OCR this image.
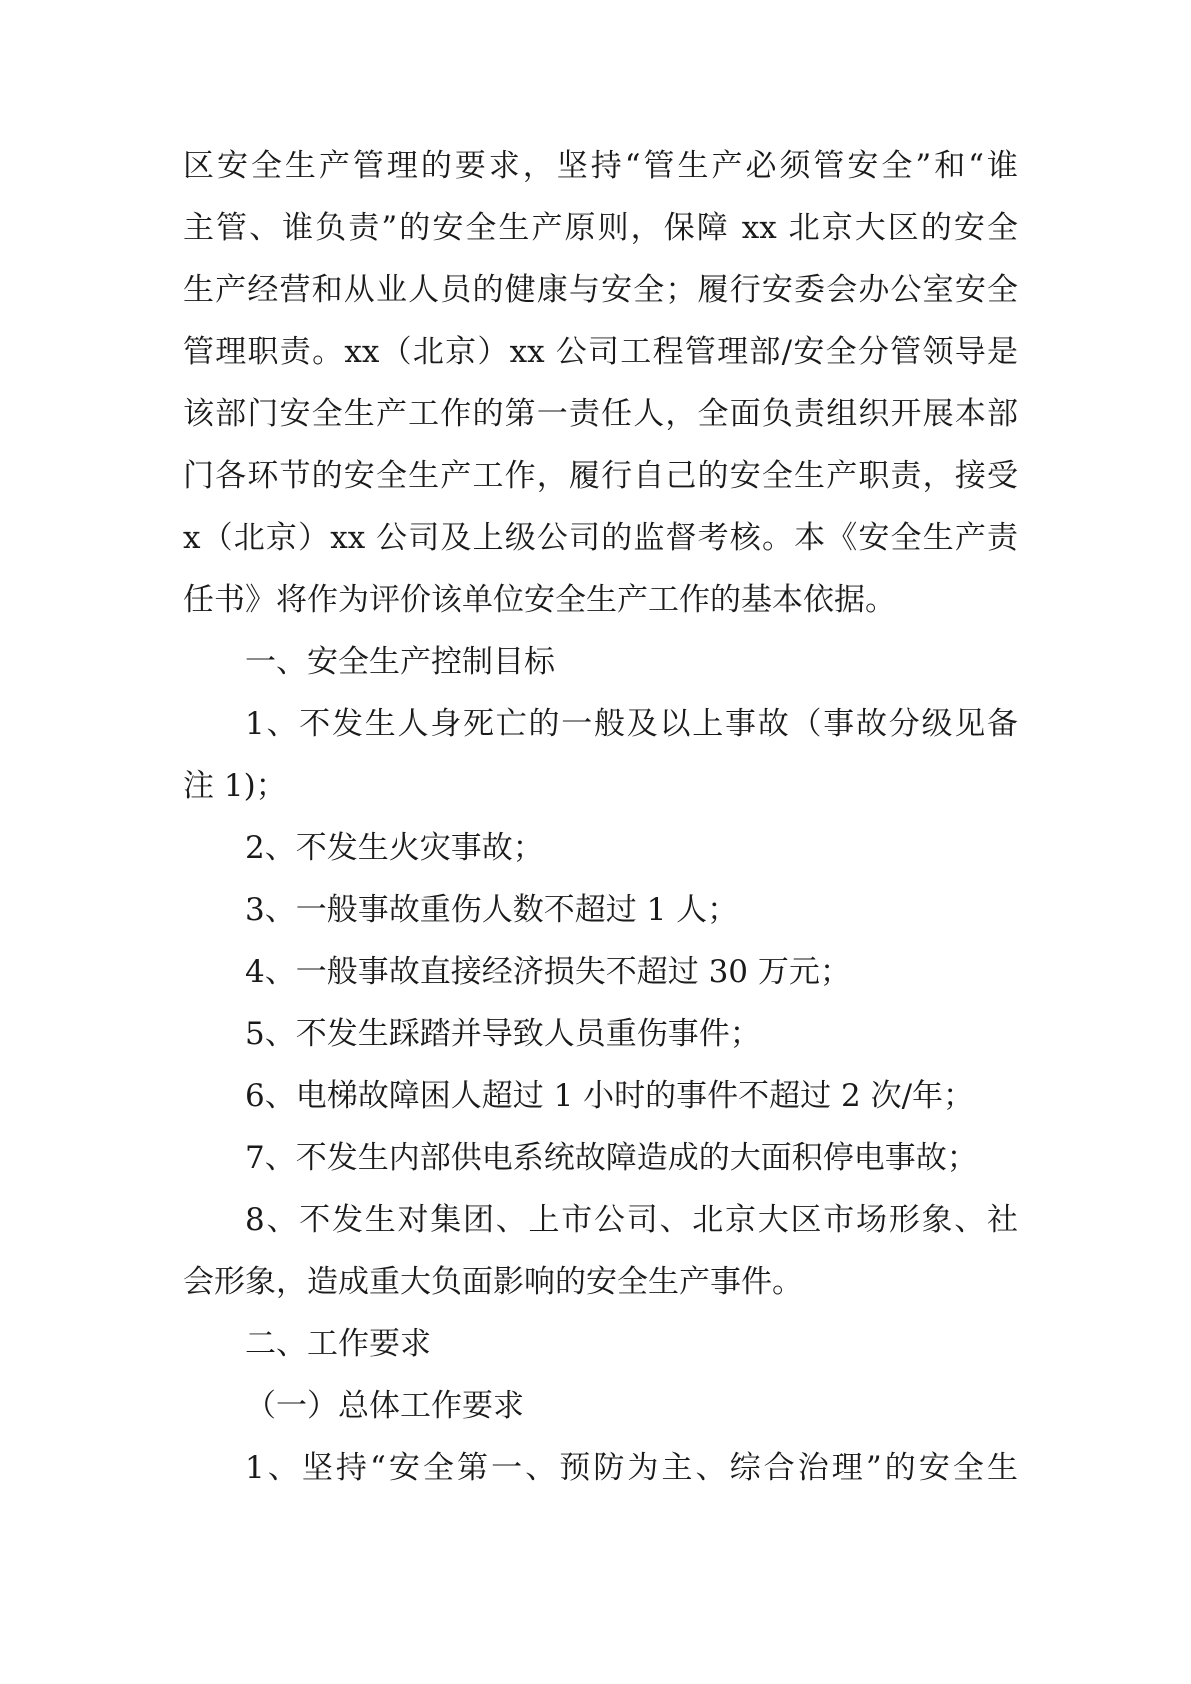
区安全生产管理的要求，坚持“管生产必须管安全”和“谁
主管、谁负责”的安全生产原则，保障 xx 北京大区的安全
生产经营和从业人员的健康与安全；履行安委会办公室安全
管理职责。xx（北京）xx 公司工程管理部/安全分管领导是
该部门安全生产工作的第一责任人，全面负责组织开展本部
门各环节的安全生产工作，履行自己的安全生产职责，接受
x（北京）xx 公司及上级公司的监督考核。本《安全生产责
任书》将作为评价该单位安全生产工作的基本依据。
一、安全生产控制目标
1、不发生人身死亡的一般及以上事故（事故分级见备
注 1)；
2、不发生火灾事故；
3、一般事故重伤人数不超过 1 人；
4、一般事故直接经济损失不超过 30 万元；
5、不发生踩踏并导致人员重伤事件；
6、电梯故障困人超过 1 小时的事件不超过 2 次/年；
7、不发生内部供电系统故障造成的大面积停电事故；
8、不发生对集团、上市公司、北京大区市场形象、社
会形象，造成重大负面影响的安全生产事件。
二、工作要求
（一）总体工作要求
1、坚持“安全第一、预防为主、综合治理”的安全生
